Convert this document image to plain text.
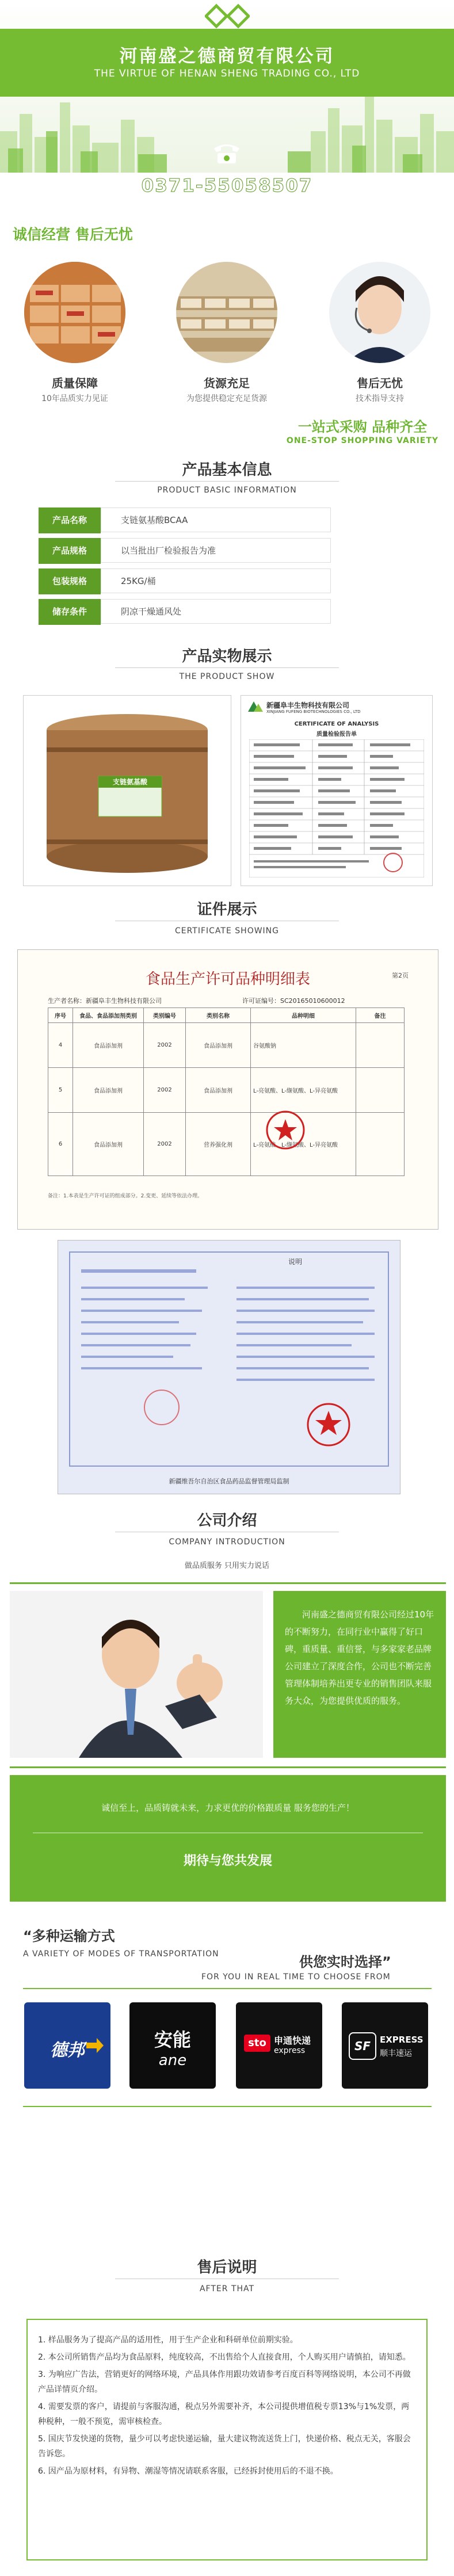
河南盛之德商贸有限公司
THE VIRTUE OF HENAN SHENG TRADING CO., LTD
0371-55058507
诚信经营 售后无忧
质量保障
10年品质实力见证
货源充足
为您提供稳定充足货源
售后无忧
技术指导支持
一站式采购 品种齐全
ONE-STOP SHOPPING VARIETY
产品基本信息
PRODUCT BASIC INFORMATION
产品名称	支链氨基酸BCAA
产品规格	以当批出厂检验报告为准
包装规格	25KG/桶
储存条件	阴凉干燥通风处
产品实物展示
THE PRODUCT SHOW
支链氨基酸
新疆阜丰生物科技有限公司
XINJIANG FUFENG BIOTECHNOLOGIES CO., LTD
CERTIFICATE OF ANALYSIS
质量检验报告单
证件展示
CERTIFICATE SHOWING
食品生产许可品种明细表	第2页
生产者名称：新疆阜丰生物科技有限公司	许可证编号：SC20165010600012
序号	食品、食品添加剂类别	类别编号	类别名称	品种明细	备注
4	食品添加剂	2002	食品添加剂	谷氨酸钠	
5	食品添加剂	2002	食品添加剂	L-亮氨酸、L-缬氨酸、L-异亮氨酸	
6	食品添加剂	2002	营养强化剂	L-亮氨酸、L-缬氨酸、L-异亮氨酸	
备注：1.本表是生产许可证的组成部分。2.变更、延续等依法办理。
说明
新疆维吾尔自治区食品药品监督管理局监制
公司介绍
COMPANY INTRODUCTION
做品质服务 只用实力说话
河南盛之德商贸有限公司经过10年的不断努力，在同行业中赢得了好口碑，重质量、重信誉，与多家家老品牌公司建立了深度合作，公司也不断完善管理体制培养出更专业的销售团队来服务大众，为您提供优质的服务。
诚信至上，品质铸就未来，力求更优的价格跟质量 服务您的生产！
期待与您共发展
“多种运输方式
A VARIETY OF MODES OF TRANSPORTATION	供您实时选择”
FOR YOU IN REAL TIME TO CHOOSE FROM
德邦	安能
ane
sto 申通快递
express	SF	EXPRESS
顺丰速运
售后说明
AFTER THAT
1. 样品服务为了提高产品的适用性，用于生产企业和科研单位前期实验。
2. 本公司所销售产品均为食品原料，纯度较高，不出售给个人直接食用，个人购买用户请慎拍，请知悉。
3. 为响应广告法，营销更好的网络环境，产品具体作用跟功效请参考百度百科等网络说明，本公司不再做产品详情页介绍。
4. 需要发票的客户，请提前与客服沟通，税点另外需要补齐，本公司提供增值税专票13%与1%发票，两种税种，一般不预览，需审核检查。
5. 国庆节发快递的货物，量少可以考虑快递运输，量大建议物流送货上门，快递价格、税点无关，客服会告诉您。
6. 因产品为原材料，有异物、潮湿等情况请联系客服，已经拆封使用后的不退不换。
